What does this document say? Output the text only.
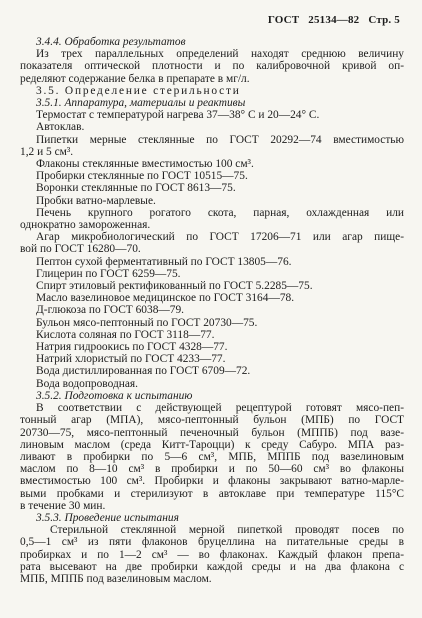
ГОСТ 25134—82 Стр. 5
3.4.4. Обработка результатов
Из трех параллельных определений находят среднюю величину
показателя оптической плотности и по калибровочной кривой оп-
ределяют содержание белка в препарате в мг/л.
3.5. Определение стерильности
3.5.1. Аппаратура, материалы и реактивы
Термостат с температурой нагрева 37—38° С и 20—24° С.
Автоклав.
Пипетки мерные стеклянные по ГОСТ 20292—74 вместимостью
1,2 и 5 см³.
Флаконы стеклянные вместимостью 100 см³.
Пробирки стеклянные по ГОСТ 10515—75.
Воронки стеклянные по ГОСТ 8613—75.
Пробки ватно-марлевые.
Печень крупного рогатого скота, парная, охлажденная или
однократно замороженная.
Агар микробиологический по ГОСТ 17206—71 или агар пище-
вой по ГОСТ 16280—70.
Пептон сухой ферментативный по ГОСТ 13805—76.
Глицерин по ГОСТ 6259—75.
Спирт этиловый ректификованный по ГОСТ 5.2285—75.
Масло вазелиновое медицинское по ГОСТ 3164—78.
Д-глюкоза по ГОСТ 6038—79.
Бульон мясо-пептонный по ГОСТ 20730—75.
Кислота соляная по ГОСТ 3118—77.
Натрия гидроокись по ГОСТ 4328—77.
Натрий хлористый по ГОСТ 4233—77.
Вода дистиллированная по ГОСТ 6709—72.
Вода водопроводная.
3.5.2. Подготовка к испытанию
В соответствии с действующей рецептурой готовят мясо-пеп-
тонный агар (МПА), мясо-пептонный бульон (МПБ) по ГОСТ
20730—75, мясо-пептонный печеночный бульон (МППБ) под вазе-
линовым маслом (среда Китт-Тароцци) к среду Сабуро. МПА раз-
ливают в пробирки по 5—6 см³, МПБ, МППБ под вазелиновым
маслом по 8—10 см³ в пробирки и по 50—60 см³ во флаконы
вместимостью 100 см³. Пробирки и флаконы закрывают ватно-марле-
выми пробками и стерилизуют в автоклаве при температуре 115°С
в течение 30 мин.
3.5.3. Проведение испытания
Стерильной стеклянной мерной пипеткой проводят посев по
0,5—1 см³ из пяти флаконов бруцеллина на питательные среды в
пробирках и по 1—2 см³ — во флаконах. Каждый флакон препа-
рата высевают на две пробирки каждой среды и на два флакона с
МПБ, МППБ под вазелиновым маслом.
